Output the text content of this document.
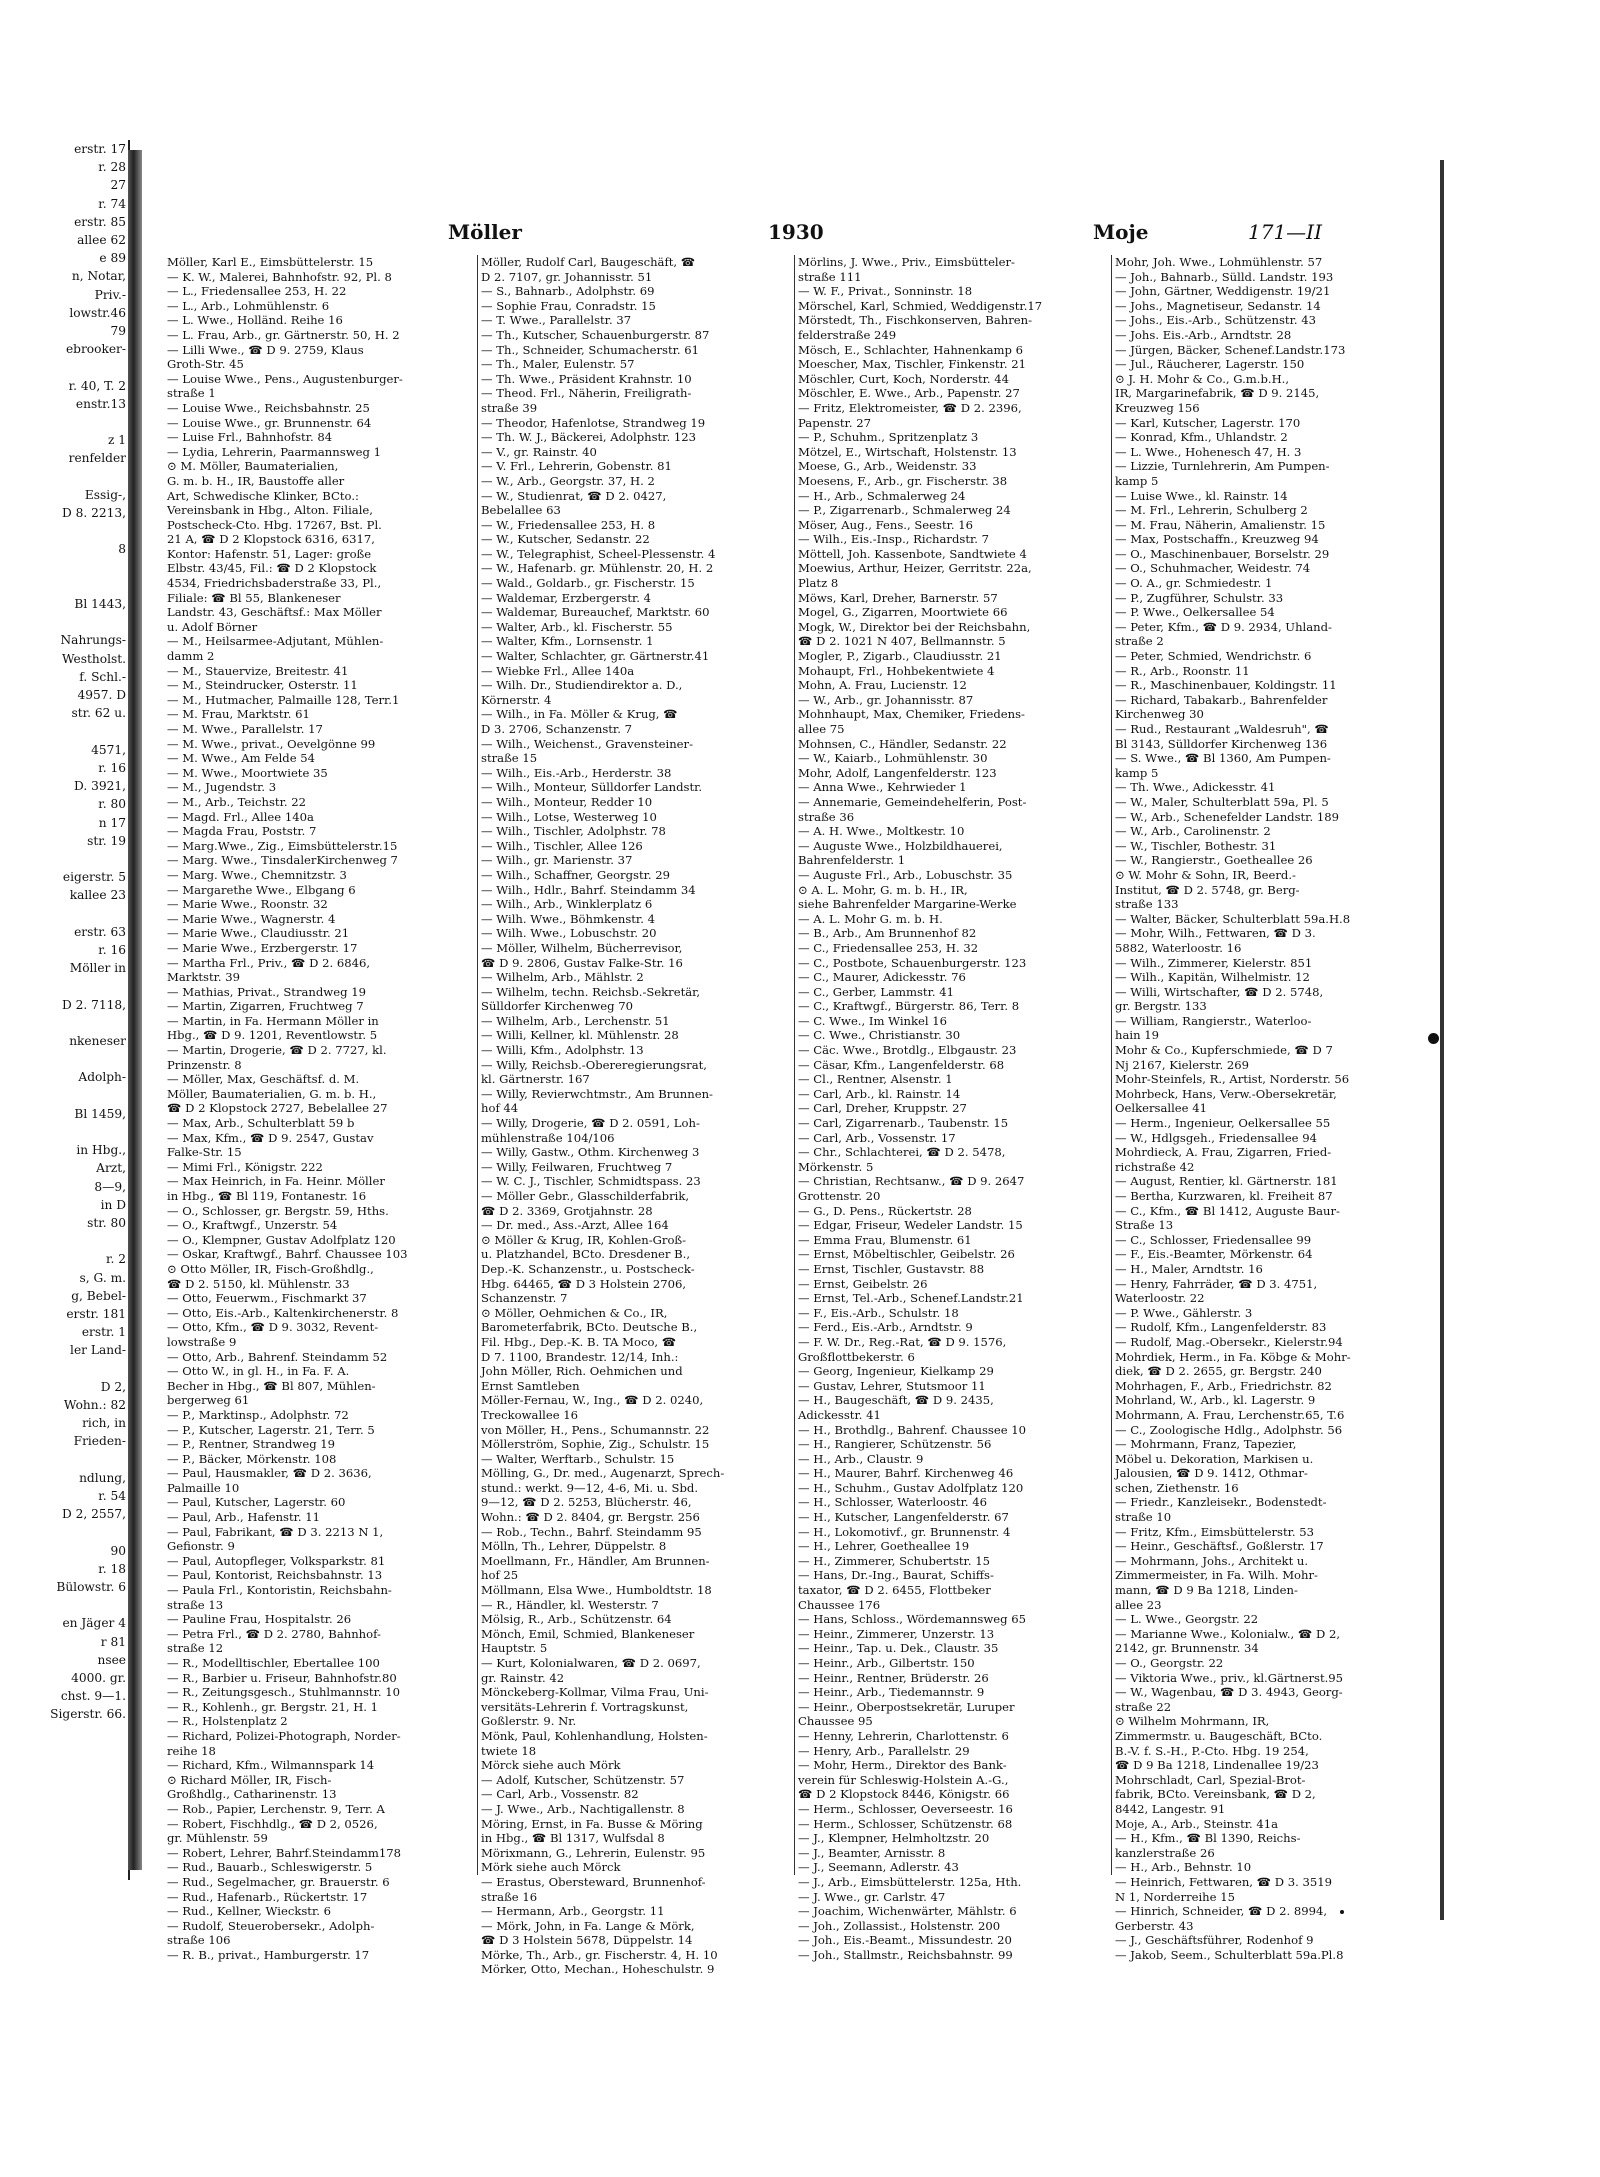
erstr. 17
r. 28
27
r. 74
erstr. 85
allee 62
e 89
n, Notar,
Priv.-
lowstr.46
79
ebrooker-

r. 40, T. 2
enstr.13

z 1
renfelder

Essig-,
D 8. 2213,

8

Bl 1443,

Nahrungs-
Westholst.
f. Schl.-
4957. D
str. 62 u.

4571,
r. 16
D. 3921,
r. 80
n 17
str. 19

eigerstr. 5
kallee 23

erstr. 63
r. 16
Möller in

D 2. 7118,

nkeneser

Adolph-

Bl 1459,

in Hbg.,
Arzt,
8—9,
in D
str. 80

r. 2
s, G. m.
g, Bebel-
erstr. 181
erstr. 1
ler Land-

D 2,
Wohn.: 82
rich, in
Frieden-

ndlung,
r. 54
D 2, 2557,

90
r. 18
Bülowstr. 6

en Jäger 4
r 81
nsee
4000. gr.
chst. 9—1.
Sigerstr. 66.
Möller	1930	Moje	171—II
Möller, Karl E., Eimsbüttelerstr. 15
— K. W., Malerei, Bahnhofstr. 92, Pl. 8
— L., Friedensallee 253, H. 22
— L., Arb., Lohmühlenstr. 6
— L. Wwe., Holländ. Reihe 16
— L. Frau, Arb., gr. Gärtnerstr. 50, H. 2
— Lilli Wwe., ☎ D 9. 2759, Klaus
Groth-Str. 45
— Louise Wwe., Pens., Augustenburger-
straße 1
— Louise Wwe., Reichsbahnstr. 25
— Louise Wwe., gr. Brunnenstr. 64
— Luise Frl., Bahnhofstr. 84
— Lydia, Lehrerin, Paarmannsweg 1
⊙ M. Möller, Baumaterialien,
G. m. b. H., IR, Baustoffe aller
Art, Schwedische Klinker, BCto.:
Vereinsbank in Hbg., Alton. Filiale,
Postscheck-Cto. Hbg. 17267, Bst. Pl.
21 A, ☎ D 2 Klopstock 6316, 6317,
Kontor: Hafenstr. 51, Lager: große
Elbstr. 43/45, Fil.: ☎ D 2 Klopstock
4534, Friedrichsbaderstraße 33, Pl.,
Filiale: ☎ Bl 55, Blankeneser
Landstr. 43, Geschäftsf.: Max Möller
u. Adolf Börner
— M., Heilsarmee-Adjutant, Mühlen-
damm 2
— M., Stauervize, Breitestr. 41
— M., Steindrucker, Osterstr. 11
— M., Hutmacher, Palmaille 128, Terr.1
— M. Frau, Marktstr. 61
— M. Wwe., Parallelstr. 17
— M. Wwe., privat., Oevelgönne 99
— M. Wwe., Am Felde 54
— M. Wwe., Moortwiete 35
— M., Jugendstr. 3
— M., Arb., Teichstr. 22
— Magd. Frl., Allee 140a
— Magda Frau, Poststr. 7
— Marg.Wwe., Zig., Eimsbüttelerstr.15
— Marg. Wwe., TinsdalerKirchenweg 7
— Marg. Wwe., Chemnitzstr. 3
— Margarethe Wwe., Elbgang 6
— Marie Wwe., Roonstr. 32
— Marie Wwe., Wagnerstr. 4
— Marie Wwe., Claudiusstr. 21
— Marie Wwe., Erzbergerstr. 17
— Martha Frl., Priv., ☎ D 2. 6846,
Marktstr. 39
— Mathias, Privat., Strandweg 19
— Martin, Zigarren, Fruchtweg 7
— Martin, in Fa. Hermann Möller in
Hbg., ☎ D 9. 1201, Reventlowstr. 5
— Martin, Drogerie, ☎ D 2. 7727, kl.
Prinzenstr. 8
— Möller, Max, Geschäftsf. d. M.
Möller, Baumaterialien, G. m. b. H.,
☎ D 2 Klopstock 2727, Bebelallee 27
— Max, Arb., Schulterblatt 59 b
— Max, Kfm., ☎ D 9. 2547, Gustav
Falke-Str. 15
— Mimi Frl., Königstr. 222
— Max Heinrich, in Fa. Heinr. Möller
in Hbg., ☎ Bl 119, Fontanestr. 16
— O., Schlosser, gr. Bergstr. 59, Hths.
— O., Kraftwgf., Unzerstr. 54
— O., Klempner, Gustav Adolfplatz 120
— Oskar, Kraftwgf., Bahrf. Chaussee 103
⊙ Otto Möller, IR, Fisch-Großhdlg.,
☎ D 2. 5150, kl. Mühlenstr. 33
— Otto, Feuerwm., Fischmarkt 37
— Otto, Eis.-Arb., Kaltenkirchenerstr. 8
— Otto, Kfm., ☎ D 9. 3032, Revent-
lowstraße 9
— Otto, Arb., Bahrenf. Steindamm 52
— Otto W., in gl. H., in Fa. F. A.
Becher in Hbg., ☎ Bl 807, Mühlen-
bergerweg 61
— P., Marktinsp., Adolphstr. 72
— P., Kutscher, Lagerstr. 21, Terr. 5
— P., Rentner, Strandweg 19
— P., Bäcker, Mörkenstr. 108
— Paul, Hausmakler, ☎ D 2. 3636,
Palmaille 10
— Paul, Kutscher, Lagerstr. 60
— Paul, Arb., Hafenstr. 11
— Paul, Fabrikant, ☎ D 3. 2213 N 1,
Gefionstr. 9
— Paul, Autopfleger, Volksparkstr. 81
— Paul, Kontorist, Reichsbahnstr. 13
— Paula Frl., Kontoristin, Reichsbahn-
straße 13
— Pauline Frau, Hospitalstr. 26
— Petra Frl., ☎ D 2. 2780, Bahnhof-
straße 12
— R., Modelltischler, Ebertallee 100
— R., Barbier u. Friseur, Bahnhofstr.80
— R., Zeitungsgesch., Stuhlmannstr. 10
— R., Kohlenh., gr. Bergstr. 21, H. 1
— R., Holstenplatz 2
— Richard, Polizei-Photograph, Norder-
reihe 18
— Richard, Kfm., Wilmannspark 14
⊙ Richard Möller, IR, Fisch-
Großhdlg., Catharinenstr. 13
— Rob., Papier, Lerchenstr. 9, Terr. A
— Robert, Fischhdlg., ☎ D 2, 0526,
gr. Mühlenstr. 59
— Robert, Lehrer, Bahrf.Steindamm178
— Rud., Bauarb., Schleswigerstr. 5
— Rud., Segelmacher, gr. Brauerstr. 6
— Rud., Hafenarb., Rückertstr. 17
— Rud., Kellner, Wieckstr. 6
— Rudolf, Steuerobersekr., Adolph-
straße 106
— R. B., privat., Hamburgerstr. 17
Möller, Rudolf Carl, Baugeschäft, ☎
D 2. 7107, gr. Johannisstr. 51
— S., Bahnarb., Adolphstr. 69
— Sophie Frau, Conradstr. 15
— T. Wwe., Parallelstr. 37
— Th., Kutscher, Schauenburgerstr. 87
— Th., Schneider, Schumacherstr. 61
— Th., Maler, Eulenstr. 57
— Th. Wwe., Präsident Krahnstr. 10
— Theod. Frl., Näherin, Freiligrath-
straße 39
— Theodor, Hafenlotse, Strandweg 19
— Th. W. J., Bäckerei, Adolphstr. 123
— V., gr. Rainstr. 40
— V. Frl., Lehrerin, Gobenstr. 81
— W., Arb., Georgstr. 37, H. 2
— W., Studienrat, ☎ D 2. 0427,
Bebelallee 63
— W., Friedensallee 253, H. 8
— W., Kutscher, Sedanstr. 22
— W., Telegraphist, Scheel-Plessenstr. 4
— W., Hafenarb. gr. Mühlenstr. 20, H. 2
— Wald., Goldarb., gr. Fischerstr. 15
— Waldemar, Erzbergerstr. 4
— Waldemar, Bureauchef, Marktstr. 60
— Walter, Arb., kl. Fischerstr. 55
— Walter, Kfm., Lornsenstr. 1
— Walter, Schlachter, gr. Gärtnerstr.41
— Wiebke Frl., Allee 140a
— Wilh. Dr., Studiendirektor a. D.,
Körnerstr. 4
— Wilh., in Fa. Möller & Krug, ☎
D 3. 2706, Schanzenstr. 7
— Wilh., Weichenst., Gravensteiner-
straße 15
— Wilh., Eis.-Arb., Herderstr. 38
— Wilh., Monteur, Sülldorfer Landstr.
— Wilh., Monteur, Redder 10
— Wilh., Lotse, Westerweg 10
— Wilh., Tischler, Adolphstr. 78
— Wilh., Tischler, Allee 126
— Wilh., gr. Marienstr. 37
— Wilh., Schaffner, Georgstr. 29
— Wilh., Hdlr., Bahrf. Steindamm 34
— Wilh., Arb., Winklerplatz 6
— Wilh. Wwe., Böhmkenstr. 4
— Wilh. Wwe., Lobuschstr. 20
— Möller, Wilhelm, Bücherrevisor,
☎ D 9. 2806, Gustav Falke-Str. 16
— Wilhelm, Arb., Mählstr. 2
— Wilhelm, techn. Reichsb.-Sekretär,
Sülldorfer Kirchenweg 70
— Wilhelm, Arb., Lerchenstr. 51
— Willi, Kellner, kl. Mühlenstr. 28
— Willi, Kfm., Adolphstr. 13
— Willy, Reichsb.-Obereregierungsrat,
kl. Gärtnerstr. 167
— Willy, Revierwchtmstr., Am Brunnen-
hof 44
— Willy, Drogerie, ☎ D 2. 0591, Loh-
mühlenstraße 104/106
— Willy, Gastw., Othm. Kirchenweg 3
— Willy, Feilwaren, Fruchtweg 7
— W. C. J., Tischler, Schmidtspass. 23
— Möller Gebr., Glasschilderfabrik,
☎ D 2. 3369, Grotjahnstr. 28
— Dr. med., Ass.-Arzt, Allee 164
⊙ Möller & Krug, IR, Kohlen-Groß-
u. Platzhandel, BCto. Dresdener B.,
Dep.-K. Schanzenstr., u. Postscheck-
Hbg. 64465, ☎ D 3 Holstein 2706,
Schanzenstr. 7
⊙ Möller, Oehmichen & Co., IR,
Barometerfabrik, BCto. Deutsche B.,
Fil. Hbg., Dep.-K. B. TA Moco, ☎
D 7. 1100, Brandestr. 12/14, Inh.:
John Möller, Rich. Oehmichen und
Ernst Samtleben
Möller-Fernau, W., Ing., ☎ D 2. 0240,
Treckowallee 16
von Möller, H., Pens., Schumannstr. 22
Möllerström, Sophie, Zig., Schulstr. 15
— Walter, Werftarb., Schulstr. 15
Mölling, G., Dr. med., Augenarzt, Sprech-
stund.: werkt. 9—12, 4-6, Mi. u. Sbd.
9—12, ☎ D 2. 5253, Blücherstr. 46,
Wohn.: ☎ D 2. 8404, gr. Bergstr. 256
— Rob., Techn., Bahrf. Steindamm 95
Mölln, Th., Lehrer, Düppelstr. 8
Moellmann, Fr., Händler, Am Brunnen-
hof 25
Möllmann, Elsa Wwe., Humboldtstr. 18
— R., Händler, kl. Westerstr. 7
Mölsig, R., Arb., Schützenstr. 64
Mönch, Emil, Schmied, Blankeneser
Hauptstr. 5
— Kurt, Kolonialwaren, ☎ D 2. 0697,
gr. Rainstr. 42
Mönckeberg-Kollmar, Vilma Frau, Uni-
versitäts-Lehrerin f. Vortragskunst,
Goßlerstr. 9. Nr.
Mönk, Paul, Kohlenhandlung, Holsten-
twiete 18
Mörck siehe auch Mörk
— Adolf, Kutscher, Schützenstr. 57
— Carl, Arb., Vossenstr. 82
— J. Wwe., Arb., Nachtigallenstr. 8
Möring, Ernst, in Fa. Busse & Möring
in Hbg., ☎ Bl 1317, Wulfsdal 8
Mörixmann, G., Lehrerin, Eulenstr. 95
Mörk siehe auch Mörck
— Erastus, Obersteward, Brunnenhof-
straße 16
— Hermann, Arb., Georgstr. 11
— Mörk, John, in Fa. Lange & Mörk,
☎ D 3 Holstein 5678, Düppelstr. 14
Mörke, Th., Arb., gr. Fischerstr. 4, H. 10
Mörker, Otto, Mechan., Hoheschulstr. 9
Mörlins, J. Wwe., Priv., Eimsbütteler-
straße 111
— W. F., Privat., Sonninstr. 18
Mörschel, Karl, Schmied, Weddigenstr.17
Mörstedt, Th., Fischkonserven, Bahren-
felderstraße 249
Mösch, E., Schlachter, Hahnenkamp 6
Moescher, Max, Tischler, Finkenstr. 21
Möschler, Curt, Koch, Norderstr. 44
Möschler, E. Wwe., Arb., Papenstr. 27
— Fritz, Elektromeister, ☎ D 2. 2396,
Papenstr. 27
— P., Schuhm., Spritzenplatz 3
Mötzel, E., Wirtschaft, Holstenstr. 13
Moese, G., Arb., Weidenstr. 33
Moesens, F., Arb., gr. Fischerstr. 38
— H., Arb., Schmalerweg 24
— P., Zigarrenarb., Schmalerweg 24
Möser, Aug., Fens., Seestr. 16
— Wilh., Eis.-Insp., Richardstr. 7
Möttell, Joh. Kassenbote, Sandtwiete 4
Moewius, Arthur, Heizer, Gerritstr. 22a,
Platz 8
Möws, Karl, Dreher, Barnerstr. 57
Mogel, G., Zigarren, Moortwiete 66
Mogk, W., Direktor bei der Reichsbahn,
☎ D 2. 1021 N 407, Bellmannstr. 5
Mogler, P., Zigarb., Claudiusstr. 21
Mohaupt, Frl., Hohbekentwiete 4
Mohn, A. Frau, Lucienstr. 12
— W., Arb., gr. Johannisstr. 87
Mohnhaupt, Max, Chemiker, Friedens-
allee 75
Mohnsen, C., Händler, Sedanstr. 22
— W., Kaiarb., Lohmühlenstr. 30
Mohr, Adolf, Langenfelderstr. 123
— Anna Wwe., Kehrwieder 1
— Annemarie, Gemeindehelferin, Post-
straße 36
— A. H. Wwe., Moltkestr. 10
— Auguste Wwe., Holzbildhauerei,
Bahrenfelderstr. 1
— Auguste Frl., Arb., Lobuschstr. 35
⊙ A. L. Mohr, G. m. b. H., IR,
siehe Bahrenfelder Margarine-Werke
— A. L. Mohr G. m. b. H.
— B., Arb., Am Brunnenhof 82
— C., Friedensallee 253, H. 32
— C., Postbote, Schauenburgerstr. 123
— C., Maurer, Adickesstr. 76
— C., Gerber, Lammstr. 41
— C., Kraftwgf., Bürgerstr. 86, Terr. 8
— C. Wwe., Im Winkel 16
— C. Wwe., Christianstr. 30
— Cäc. Wwe., Brotdlg., Elbgaustr. 23
— Cäsar, Kfm., Langenfelderstr. 68
— Cl., Rentner, Alsenstr. 1
— Carl, Arb., kl. Rainstr. 14
— Carl, Dreher, Kruppstr. 27
— Carl, Zigarrenarb., Taubenstr. 15
— Carl, Arb., Vossenstr. 17
— Chr., Schlachterei, ☎ D 2. 5478,
Mörkenstr. 5
— Christian, Rechtsanw., ☎ D 9. 2647
Grottenstr. 20
— G., D. Pens., Rückertstr. 28
— Edgar, Friseur, Wedeler Landstr. 15
— Emma Frau, Blumenstr. 61
— Ernst, Möbeltischler, Geibelstr. 26
— Ernst, Tischler, Gustavstr. 88
— Ernst, Geibelstr. 26
— Ernst, Tel.-Arb., Schenef.Landstr.21
— F., Eis.-Arb., Schulstr. 18
— Ferd., Eis.-Arb., Arndtstr. 9
— F. W. Dr., Reg.-Rat, ☎ D 9. 1576,
Großflottbekerstr. 6
— Georg, Ingenieur, Kielkamp 29
— Gustav, Lehrer, Stutsmoor 11
— H., Baugeschäft, ☎ D 9. 2435,
Adickesstr. 41
— H., Brothdlg., Bahrenf. Chaussee 10
— H., Rangierer, Schützenstr. 56
— H., Arb., Claustr. 9
— H., Maurer, Bahrf. Kirchenweg 46
— H., Schuhm., Gustav Adolfplatz 120
— H., Schlosser, Waterloostr. 46
— H., Kutscher, Langenfelderstr. 67
— H., Lokomotivf., gr. Brunnenstr. 4
— H., Lehrer, Goetheallee 19
— H., Zimmerer, Schubertstr. 15
— Hans, Dr.-Ing., Baurat, Schiffs-
taxator, ☎ D 2. 6455, Flottbeker
Chaussee 176
— Hans, Schloss., Wördemannsweg 65
— Heinr., Zimmerer, Unzerstr. 13
— Heinr., Tap. u. Dek., Claustr. 35
— Heinr., Arb., Gilbertstr. 150
— Heinr., Rentner, Brüderstr. 26
— Heinr., Arb., Tiedemannstr. 9
— Heinr., Oberpostsekretär, Luruper
Chaussee 95
— Henny, Lehrerin, Charlottenstr. 6
— Henry, Arb., Parallelstr. 29
— Mohr, Herm., Direktor des Bank-
verein für Schleswig-Holstein A.-G.,
☎ D 2 Klopstock 8446, Königstr. 66
— Herm., Schlosser, Oeverseestr. 16
— Herm., Schlosser, Schützenstr. 68
— J., Klempner, Helmholtzstr. 20
— J., Beamter, Arnisstr. 8
— J., Seemann, Adlerstr. 43
— J., Arb., Eimsbüttelerstr. 125a, Hth.
— J. Wwe., gr. Carlstr. 47
— Joachim, Wichenwärter, Mählstr. 6
— Joh., Zollassist., Holstenstr. 200
— Joh., Eis.-Beamt., Missundestr. 20
— Joh., Stallmstr., Reichsbahnstr. 99
Mohr, Joh. Wwe., Lohmühlenstr. 57
— Joh., Bahnarb., Sülld. Landstr. 193
— John, Gärtner, Weddigenstr. 19/21
— Johs., Magnetiseur, Sedanstr. 14
— Johs., Eis.-Arb., Schützenstr. 43
— Johs. Eis.-Arb., Arndtstr. 28
— Jürgen, Bäcker, Schenef.Landstr.173
— Jul., Räucherer, Lagerstr. 150
⊙ J. H. Mohr & Co., G.m.b.H.,
IR, Margarinefabrik, ☎ D 9. 2145,
Kreuzweg 156
— Karl, Kutscher, Lagerstr. 170
— Konrad, Kfm., Uhlandstr. 2
— L. Wwe., Hohenesch 47, H. 3
— Lizzie, Turnlehrerin, Am Pumpen-
kamp 5
— Luise Wwe., kl. Rainstr. 14
— M. Frl., Lehrerin, Schulberg 2
— M. Frau, Näherin, Amalienstr. 15
— Max, Postschaffn., Kreuzweg 94
— O., Maschinenbauer, Borselstr. 29
— O., Schuhmacher, Weidestr. 74
— O. A., gr. Schmiedestr. 1
— P., Zugführer, Schulstr. 33
— P. Wwe., Oelkersallee 54
— Peter, Kfm., ☎ D 9. 2934, Uhland-
straße 2
— Peter, Schmied, Wendrichstr. 6
— R., Arb., Roonstr. 11
— R., Maschinenbauer, Koldingstr. 11
— Richard, Tabakarb., Bahrenfelder
Kirchenweg 30
— Rud., Restaurant „Waldesruh", ☎
Bl 3143, Sülldorfer Kirchenweg 136
— S. Wwe., ☎ Bl 1360, Am Pumpen-
kamp 5
— Th. Wwe., Adickesstr. 41
— W., Maler, Schulterblatt 59a, Pl. 5
— W., Arb., Schenefelder Landstr. 189
— W., Arb., Carolinenstr. 2
— W., Tischler, Bothestr. 31
— W., Rangierstr., Goetheallee 26
⊙ W. Mohr & Sohn, IR, Beerd.-
Institut, ☎ D 2. 5748, gr. Berg-
straße 133
— Walter, Bäcker, Schulterblatt 59a.H.8
— Mohr, Wilh., Fettwaren, ☎ D 3.
5882, Waterloostr. 16
— Wilh., Zimmerer, Kielerstr. 851
— Wilh., Kapitän, Wilhelmistr. 12
— Willi, Wirtschafter, ☎ D 2. 5748,
gr. Bergstr. 133
— William, Rangierstr., Waterloo-
hain 19
Mohr & Co., Kupferschmiede, ☎ D 7
Nj 2167, Kielerstr. 269
Mohr-Steinfels, R., Artist, Norderstr. 56
Mohrbeck, Hans, Verw.-Obersekretär,
Oelkersallee 41
— Herm., Ingenieur, Oelkersallee 55
— W., Hdlgsgeh., Friedensallee 94
Mohrdieck, A. Frau, Zigarren, Fried-
richstraße 42
— August, Rentier, kl. Gärtnerstr. 181
— Bertha, Kurzwaren, kl. Freiheit 87
— C., Kfm., ☎ Bl 1412, Auguste Baur-
Straße 13
— C., Schlosser, Friedensallee 99
— F., Eis.-Beamter, Mörkenstr. 64
— H., Maler, Arndtstr. 16
— Henry, Fahrräder, ☎ D 3. 4751,
Waterloostr. 22
— P. Wwe., Gählerstr. 3
— Rudolf, Kfm., Langenfelderstr. 83
— Rudolf, Mag.-Obersekr., Kielerstr.94
Mohrdiek, Herm., in Fa. Köbge & Mohr-
diek, ☎ D 2. 2655, gr. Bergstr. 240
Mohrhagen, F., Arb., Friedrichstr. 82
Mohrland, W., Arb., kl. Lagerstr. 9
Mohrmann, A. Frau, Lerchenstr.65, T.6
— C., Zoologische Hdlg., Adolphstr. 56
— Mohrmann, Franz, Tapezier,
Möbel u. Dekoration, Markisen u.
Jalousien, ☎ D 9. 1412, Othmar-
schen, Ziethenstr. 16
— Friedr., Kanzleisekr., Bodenstedt-
straße 10
— Fritz, Kfm., Eimsbüttelerstr. 53
— Heinr., Geschäftsf., Goßlerstr. 17
— Mohrmann, Johs., Architekt u.
Zimmermeister, in Fa. Wilh. Mohr-
mann, ☎ D 9 Ba 1218, Linden-
allee 23
— L. Wwe., Georgstr. 22
— Marianne Wwe., Kolonialw., ☎ D 2,
2142, gr. Brunnenstr. 34
— O., Georgstr. 22
— Viktoria Wwe., priv., kl.Gärtnerst.95
— W., Wagenbau, ☎ D 3. 4943, Georg-
straße 22
⊙ Wilhelm Mohrmann, IR,
Zimmermstr. u. Baugeschäft, BCto.
B.-V. f. S.-H., P.-Cto. Hbg. 19 254,
☎ D 9 Ba 1218, Lindenallee 19/23
Mohrschladt, Carl, Spezial-Brot-
fabrik, BCto. Vereinsbank, ☎ D 2,
8442, Langestr. 91
Moje, A., Arb., Steinstr. 41a
— H., Kfm., ☎ Bl 1390, Reichs-
kanzlerstraße 26
— H., Arb., Behnstr. 10
— Heinrich, Fettwaren, ☎ D 3. 3519
N 1, Norderreihe 15
— Hinrich, Schneider, ☎ D 2. 8994,
Gerberstr. 43
— J., Geschäftsführer, Rodenhof 9
— Jakob, Seem., Schulterblatt 59a.Pl.8
